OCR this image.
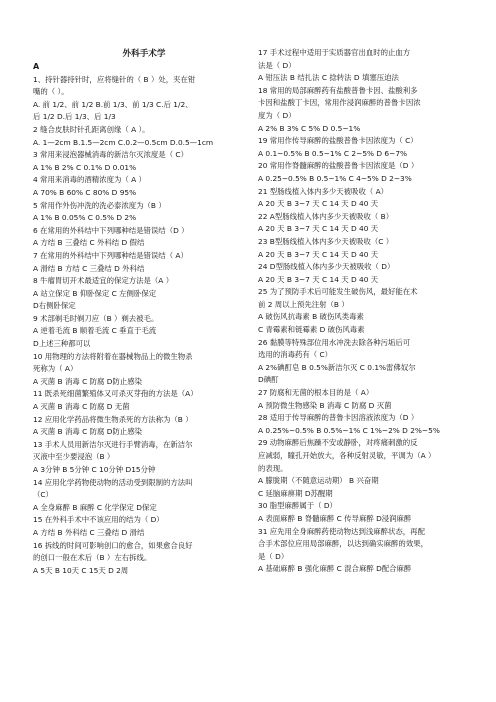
外科手术学
A
1、持针器持针时，应将缝针的（ B ）处，夹在钳
嘴的（ ）。
A. 前 1/2、前 1/2 B.前 1/3、前 1/3 C.后 1/2、
后 1/2 D.后 1/3、后 1/3
2 缝合皮肤时针孔距离创缘（ A ）。
A. 1—2cm B.1.5—2cm C.0.2—0.5cm D.0.5—1cm
3 常用来浸泡器械消毒的新洁尔灭浓度是（ C）
A 1% B 2% C 0.1% D 0.01%
4 常用来消毒的酒精浓度为（ A ）
A 70% B 60% C 80% D 95%
5 常用作外伤冲洗的洗必泰浓度为（B ）
A 1% B 0.05% C 0.5% D 2%
6 在常用的外科结中下列哪种结是错误结（D ）
A 方结 B 三叠结 C 外科结 D 假结
7 在常用的外科结中下列哪种结是错误结（ A）
A 滑结 B 方结 C 三叠结 D 外科结
8 牛瘤胃切开术最适宜的保定方法是（A ）
A 站立保定 B 仰卧保定 C 左侧卧保定
D右侧卧保定
9 术部剃毛时剃刀应（B ）剃去被毛。
A 逆着毛流 B 顺着毛流 C 垂直于毛流
D上述三种都可以
10 用物理的方法将附着在器械物品上的微生物杀
死称为（ A）
A 灭菌 B 消毒 C 防腐 D防止感染
11 既杀死细菌繁殖体又可杀灭芽孢的方法是（A）
A 灭菌 B 消毒 C 防腐 D 无菌
12 应用化学药品将微生物杀死的方法称为（B ）
A 灭菌 B 消毒 C 防腐 D防止感染
13 手术人员用新洁尔灭进行手臂消毒，在新洁尔
灭液中至少要浸泡（B ）
A 3分钟 B 5分钟 C 10分钟 D15分钟
14 应用化学药物使动物的活动受到限制的方法叫
（C）
A 全身麻醉 B 麻醉 C 化学保定 D保定
15 在外科手术中不该应用的结为（ D）
A 方结 B 外科结 C 三叠结 D 滑结
16 拆线的时间可影响创口的愈合，如果愈合良好
的创口一般在术后（B ）左右拆线。
A 5天 B 10天 C 15天 D 2周
17 手术过程中适用于实质器官出血时的止血方
法是（ D）
A 钳压法 B 结扎法 C 捻转法 D 填塞压迫法
18 常用的局部麻醉药有盐酸普鲁卡因、盐酸利多
卡因和盐酸丁卡因，常用作浸润麻醉的普鲁卡因浓
度为（ D）
A 2% B 3% C 5% D 0.5~1%
19 常用作传导麻醉的盐酸普鲁卡因浓度为（ C）
A 0.1~0.5% B 0.5~1% C 2~5% D 6~7%
20 常用作脊髓麻醉的盐酸普鲁卡因浓度是（D ）
A 0.25~0.5% B 0.5~1% C 4~5% D 2~3%
21 型肠线植入体内多少天被吸收（ A）
A 20 天 B 3~7 天 C 14 天 D 40 天
22 A型肠线植入体内多少天被吸收（ B）
A 20 天 B 3~7 天 C 14 天 D 40 天
23 B型肠线植入体内多少天被吸收（C ）
A 20 天 B 3~7 天 C 14 天 D 40 天
24 D型肠线植入体内多少天被吸收（ D）
A 20 天 B 3~7 天 C 14 天 D 40 天
25 为了预防手术后可能发生破伤风，最好能在术
前 2 周以上预先注射（B ）
A 破伤风抗毒素 B 破伤风类毒素
C 青霉素和链霉素 D 破伤风毒素
26 黏膜等特殊部位用水冲洗去除各种污垢后可
选用的消毒药有（ C）
A 2%碘酊皂 B 0.5%新洁尔灭 C 0.1%雷佛奴尔
D碘酊
27 防腐和无菌的根本目的是（ A）
A 预防微生物感染 B 消毒 C 防腐 D 灭菌
28 适用于传导麻醉的普鲁卡因溶液浓度为（D ）
A 0.25%~0.5% B 0.5%~1% C 1%~2% D 2%~5%
29 动物麻醉后焦躁不安或静卧，对疼痛刺激的反
应减弱，瞳孔开始放大，各种反射灵敏，平调为（A ）
的表现。
A 朦胧期（不随意运动期） B 兴奋期
C 延脑麻痹期 D苏醒期
30 脂型麻醉属于（ D）
A 表面麻醉 B 脊髓麻醉 C 传导麻醉 D浸润麻醉
31 应先用全身麻醉药使动物达到浅麻醉状态，再配
合手术部位应用局部麻醉，以达到确实麻醉的效果，
是（ D）
A 基础麻醉 B 强化麻醉 C 混合麻醉 D配合麻醉
